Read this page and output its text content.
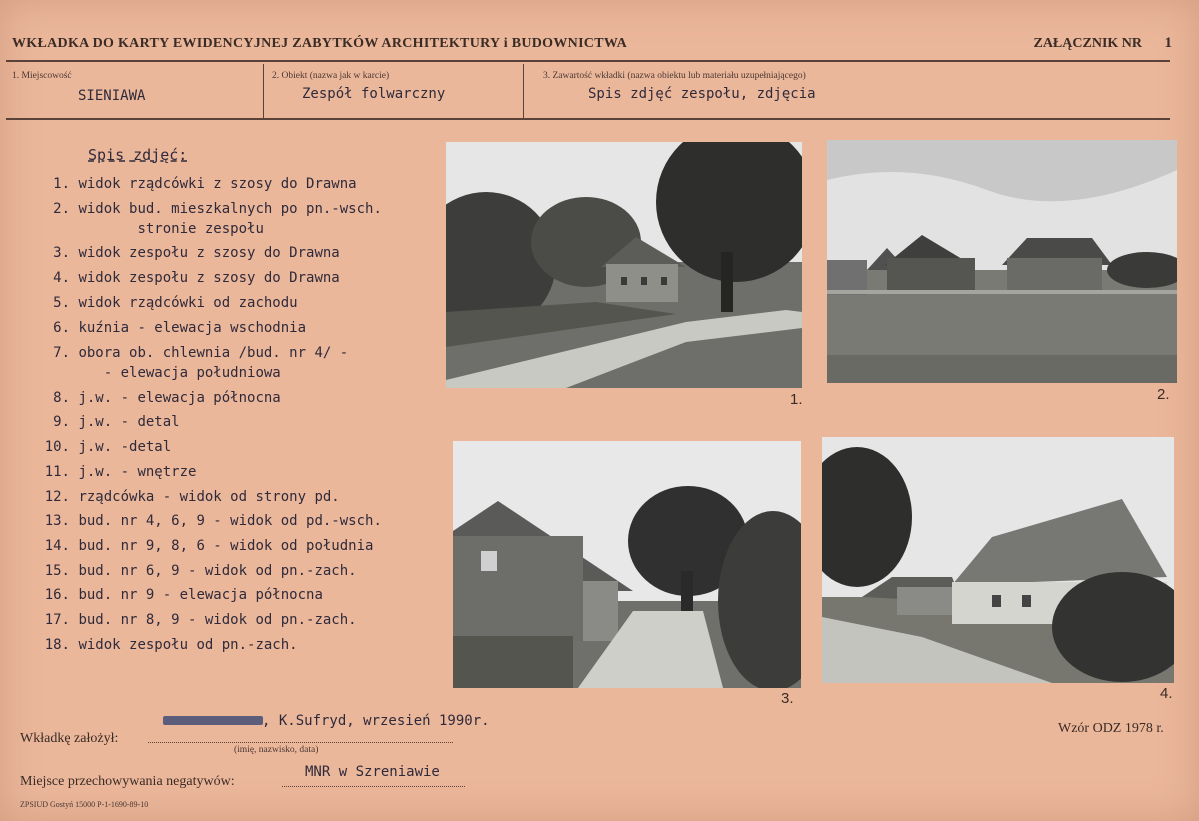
WKŁADKA DO KARTY EWIDENCYJNEJ ZABYTKÓW ARCHITEKTURY i BUDOWNICTWA	ZAŁĄCZNIK NR 1
1. Miejscowość
SIENIAWA
2. Obiekt (nazwa jak w karcie)
Zespół folwarczny
3. Zawartość wkładki (nazwa obiektu lub materiału uzupełniającego)
Spis zdjęć zespołu, zdjęcia
Spis zdjęć:
1. widok rządcówki z szosy do Drawna
2. widok bud. mieszkalnych po pn.-wsch.
stronie zespołu
3. widok zespołu z szosy do Drawna
4. widok zespołu z szosy do Drawna
5. widok rządcówki od zachodu
6. kuźnia - elewacja wschodnia
7. obora ob. chlewnia /bud. nr 4/ -
- elewacja południowa
8. j.w. - elewacja północna
9. j.w. - detal
10. j.w. -detal
11. j.w. - wnętrze
12. rządcówka - widok od strony pd.
13. bud. nr 4, 6, 9 - widok od pd.-wsch.
14. bud. nr 9, 8, 6 - widok od południa
15. bud. nr 6, 9 - widok od pn.-zach.
16. bud. nr 9 - elewacja północna
17. bud. nr 8, 9 - widok od pn.-zach.
18. widok zespołu od pn.-zach.
1.	2.
3.	4.
Wkładkę założył:
, K.Sufryd, wrzesień 1990r.
(imię, nazwisko, data)
Wzór ODZ 1978 r.
Miejsce przechowywania negatywów:
MNR w Szreniawie
ZPSIUD Gostyń 15000 P-1-1690-89-10
